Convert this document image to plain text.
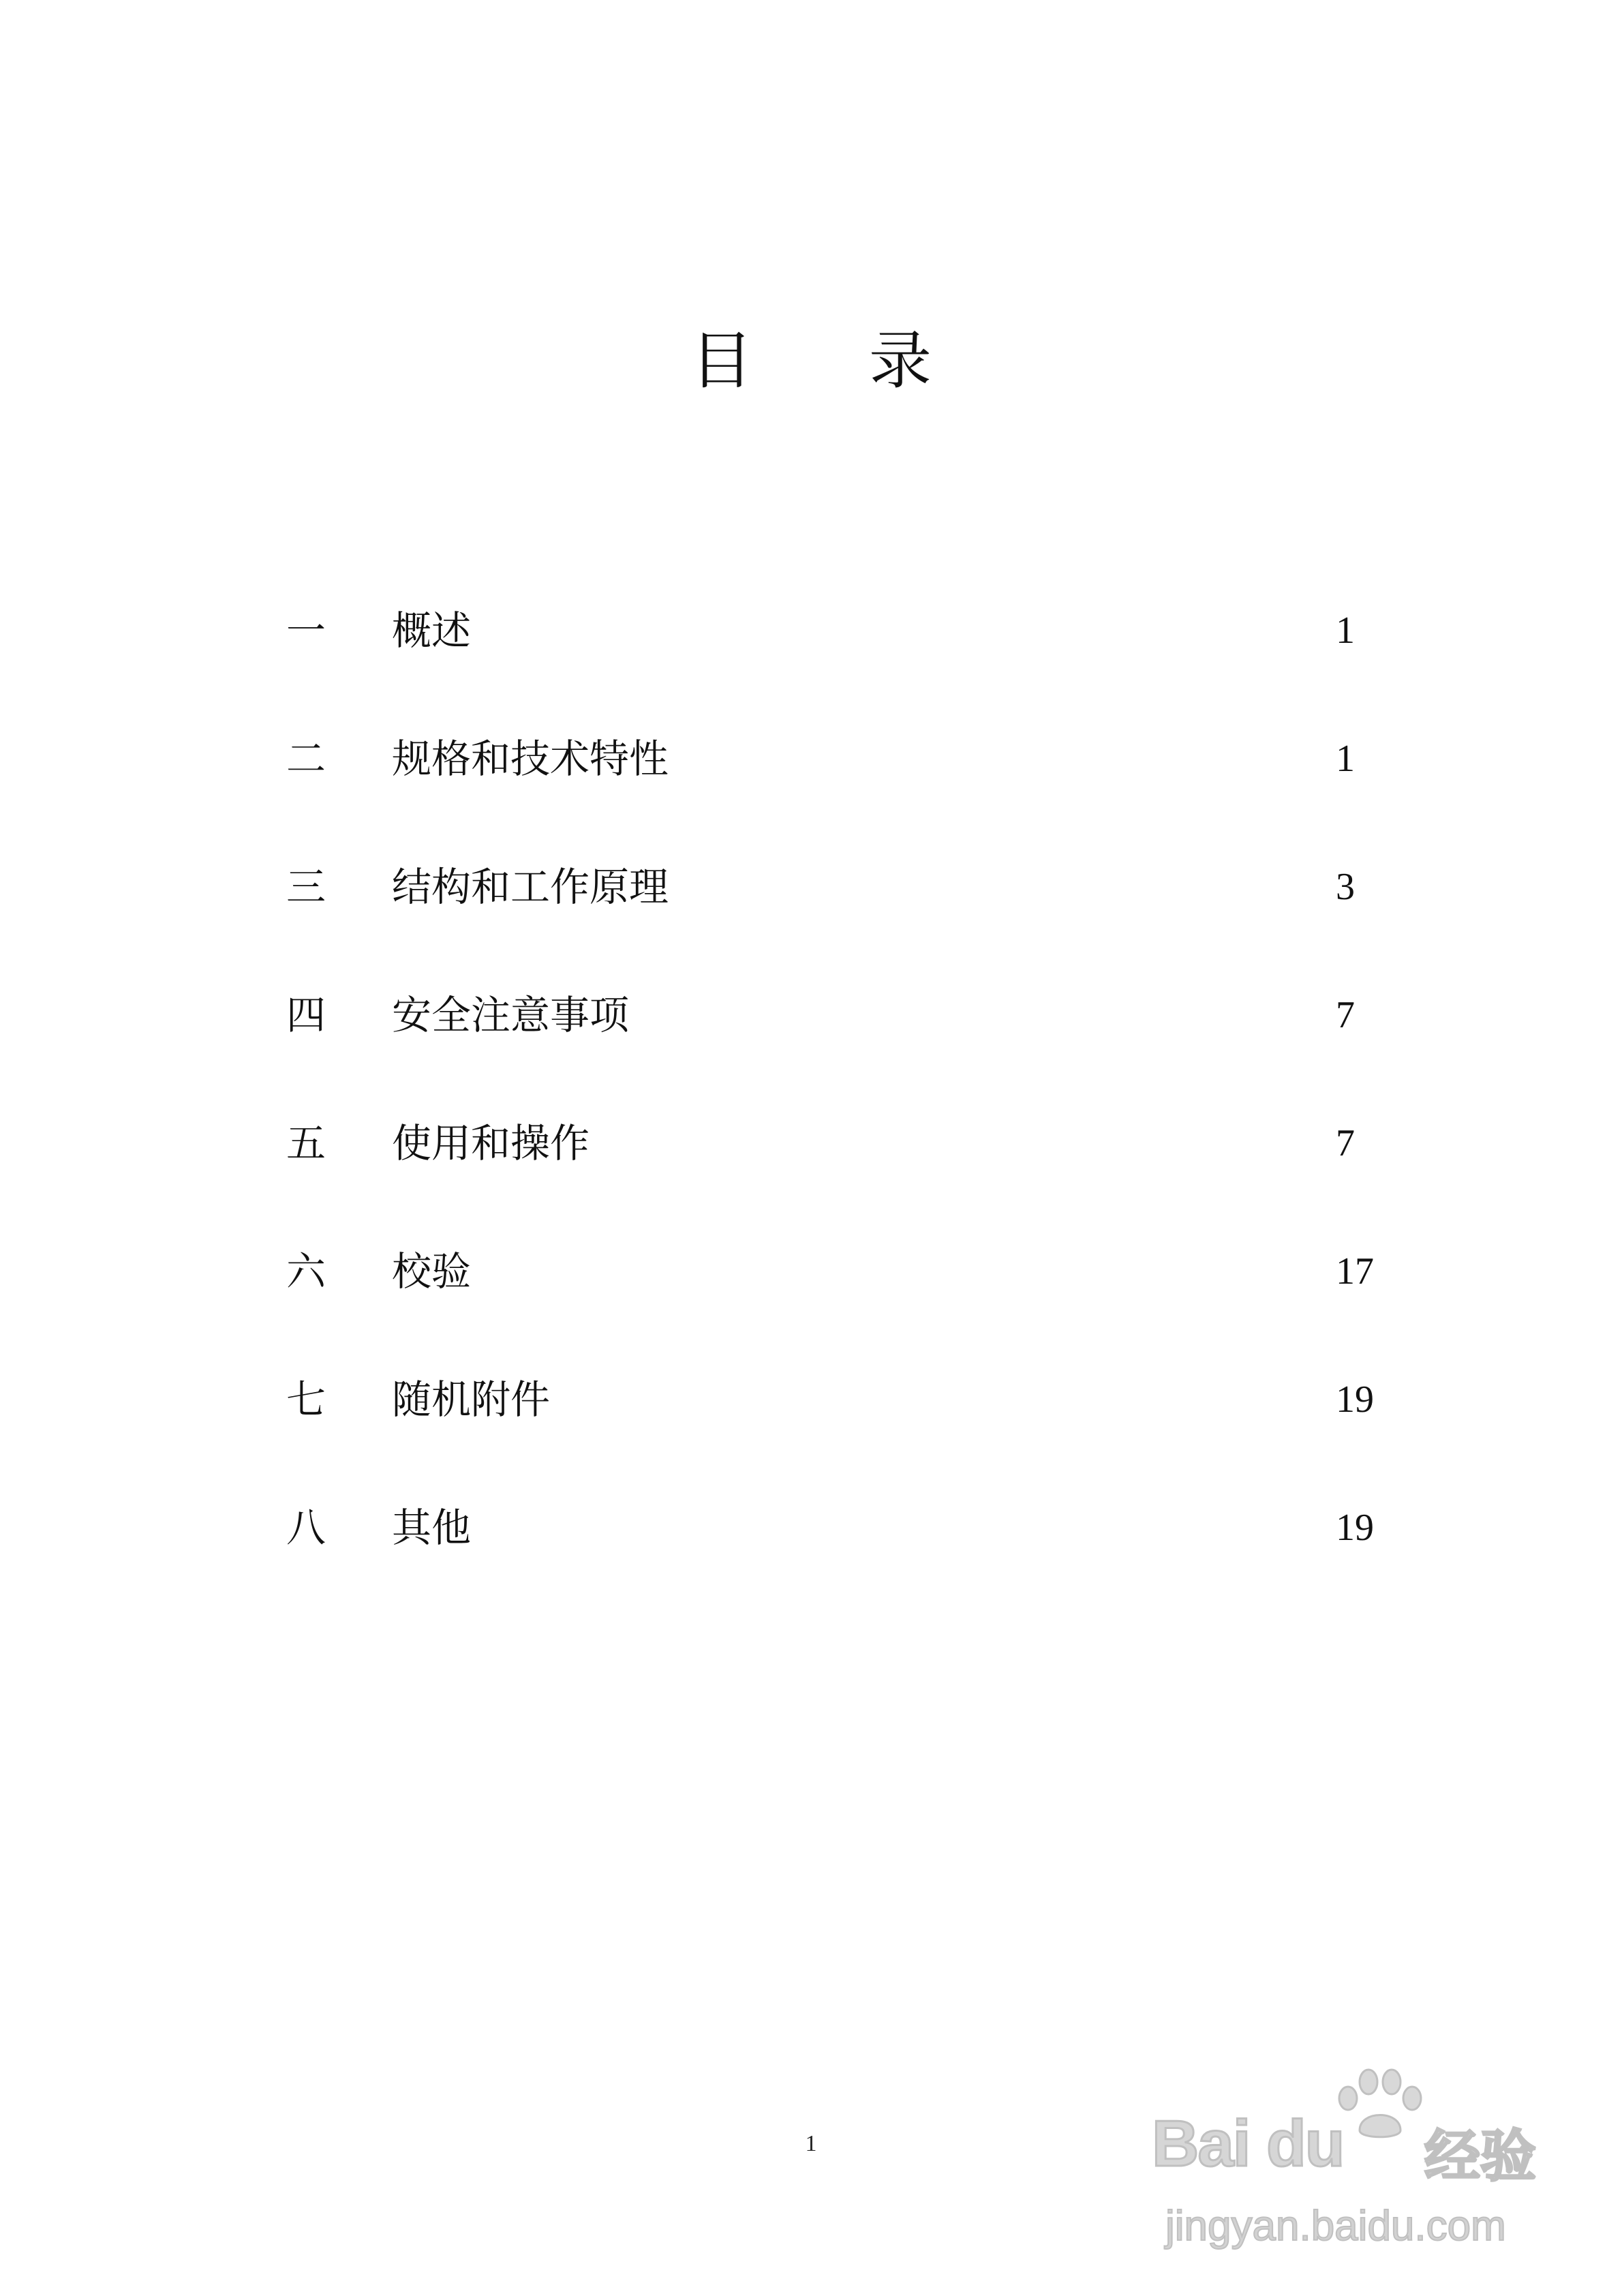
目 录
一 概述	1
二 规格和技术特性	1
三 结构和工作原理	3
四 安全注意事项	7
五 使用和操作	7
六 校验	17
七 随机附件	19
八 其他	19
1	Bai du 经验
jingyan.baidu.com
